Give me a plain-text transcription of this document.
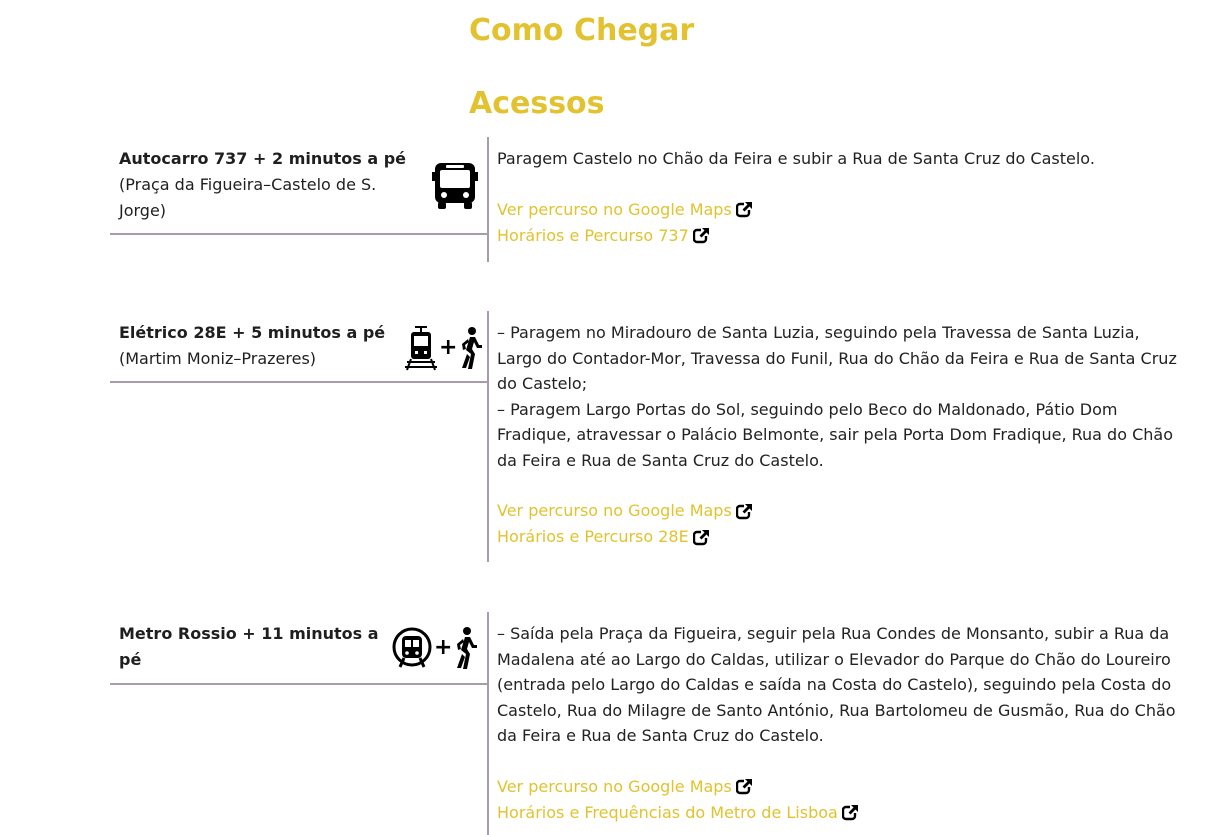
Como Chegar
Acessos
Autocarro 737 + 2 minutos a pé
(Praça da Figueira–Castelo de S. Jorge)

Paragem Castelo no Chão da Feira e subir a Rua de Santa Cruz do Castelo.

Ver percurso no Google Maps
Horários e Percurso 737
Elétrico 28E + 5 minutos a pé
(Martim Moniz–Prazeres)	+

– Paragem no Miradouro de Santa Luzia, seguindo pela Travessa de Santa Luzia, Largo do Contador-Mor, Travessa do Funil, Rua do Chão da Feira e Rua de Santa Cruz do Castelo;

– Paragem Largo Portas do Sol, seguindo pelo Beco do Maldonado, Pátio Dom Fradique, atravessar o Palácio Belmonte, sair pela Porta Dom Fradique, Rua do Chão da Feira e Rua de Santa Cruz do Castelo.

Ver percurso no Google Maps
Horários e Percurso 28E
Metro Rossio + 11 minutos a pé	+

– Saída pela Praça da Figueira, seguir pela Rua Condes de Monsanto, subir a Rua da Madalena até ao Largo do Caldas, utilizar o Elevador do Parque do Chão do Loureiro (entrada pelo Largo do Caldas e saída na Costa do Castelo), seguindo pela Costa do Castelo, Rua do Milagre de Santo António, Rua Bartolomeu de Gusmão, Rua do Chão da Feira e Rua de Santa Cruz do Castelo.

Ver percurso no Google Maps
Horários e Frequências do Metro de Lisboa
